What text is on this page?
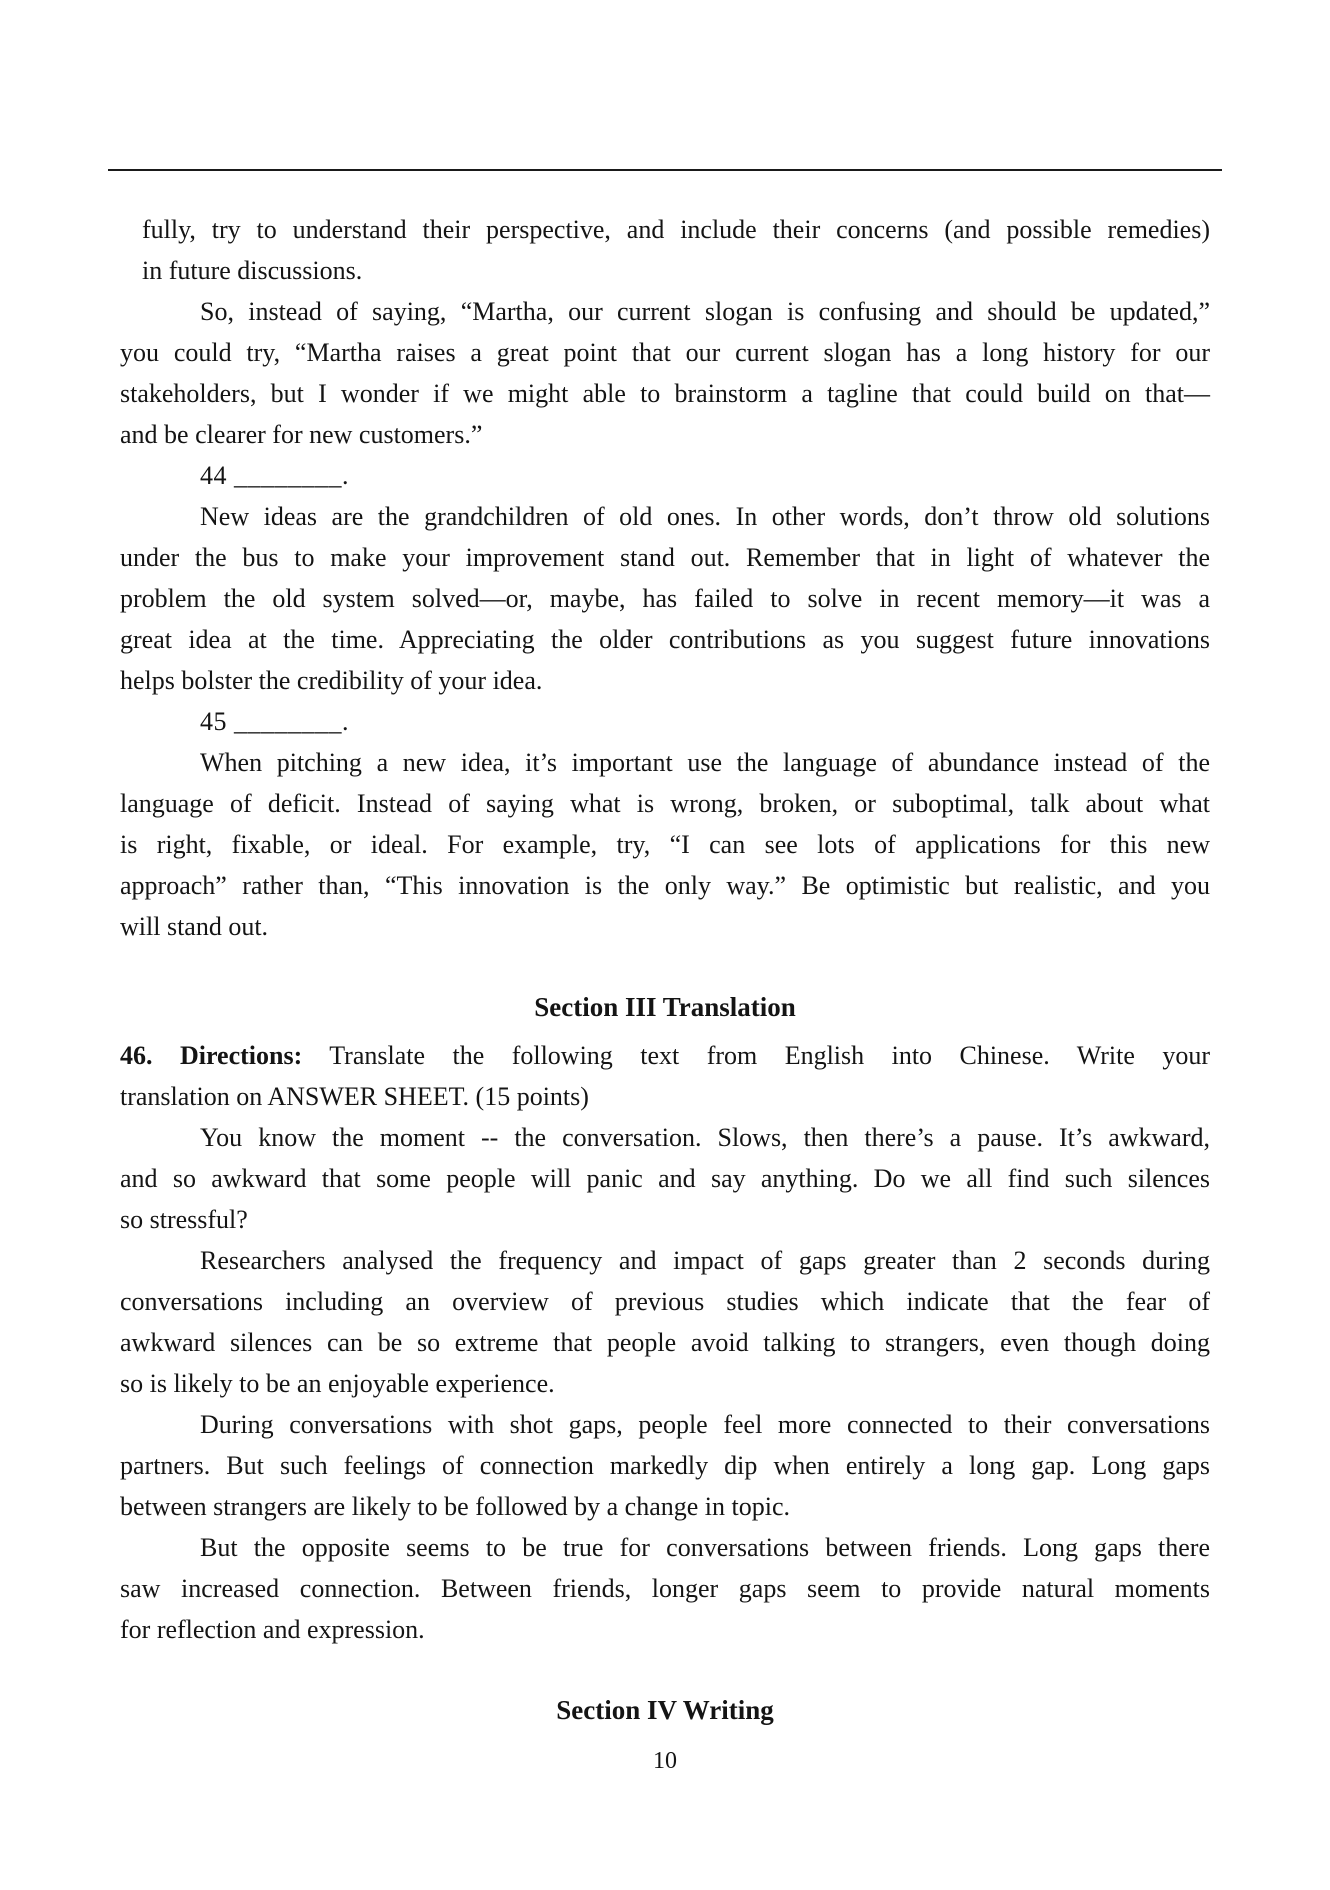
fully, try to understand their perspective, and include their concerns (and possible remedies)
in future discussions.
So, instead of saying, “Martha, our current slogan is confusing and should be updated,”
you could try, “Martha raises a great point that our current slogan has a long history for our
stakeholders, but I wonder if we might able to brainstorm a tagline that could build on that—
and be clearer for new customers.”
44 ________.
New ideas are the grandchildren of old ones. In other words, don’t throw old solutions
under the bus to make your improvement stand out. Remember that in light of whatever the
problem the old system solved—or, maybe, has failed to solve in recent memory—it was a
great idea at the time. Appreciating the older contributions as you suggest future innovations
helps bolster the credibility of your idea.
45 ________.
When pitching a new idea, it’s important use the language of abundance instead of the
language of deficit. Instead of saying what is wrong, broken, or suboptimal, talk about what
is right, fixable, or ideal. For example, try, “I can see lots of applications for this new
approach” rather than, “This innovation is the only way.” Be optimistic but realistic, and you
will stand out.
Section III Translation
46. Directions: Translate the following text from English into Chinese. Write your
translation on ANSWER SHEET. (15 points)
You know the moment -- the conversation. Slows, then there’s a pause. It’s awkward,
and so awkward that some people will panic and say anything. Do we all find such silences
so stressful?
Researchers analysed the frequency and impact of gaps greater than 2 seconds during
conversations including an overview of previous studies which indicate that the fear of
awkward silences can be so extreme that people avoid talking to strangers, even though doing
so is likely to be an enjoyable experience.
During conversations with shot gaps, people feel more connected to their conversations
partners. But such feelings of connection markedly dip when entirely a long gap. Long gaps
between strangers are likely to be followed by a change in topic.
But the opposite seems to be true for conversations between friends. Long gaps there
saw increased connection. Between friends, longer gaps seem to provide natural moments
for reflection and expression.
Section IV Writing
10
